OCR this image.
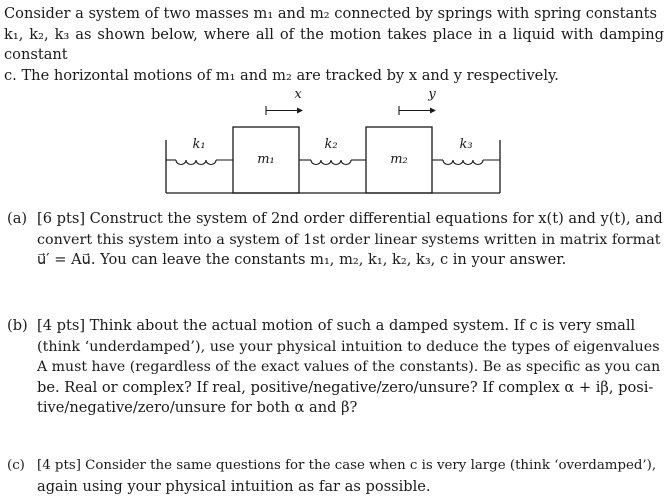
Consider a system of two masses m₁ and m₂ connected by springs with spring constants
k₁, k₂, k₃ as shown below, where all of the motion takes place in a liquid with damping constant
c. The horizontal motions of m₁ and m₂ are tracked by x and y respectively.
x	y
k₁	k₂	k₃
m₁	m₂
(a) [6 pts] Construct the system of 2nd order differential equations for x(t) and y(t), and
convert this system into a system of 1st order linear systems written in matrix format
u⃗′ = Au⃗. You can leave the constants m₁, m₂, k₁, k₂, k₃, c in your answer.
(b) [4 pts] Think about the actual motion of such a damped system. If c is very small
(think ‘underdamped’), use your physical intuition to deduce the types of eigenvalues
A must have (regardless of the exact values of the constants). Be as specific as you can
be. Real or complex? If real, positive/negative/zero/unsure? If complex α + iβ, posi-
tive/negative/zero/unsure for both α and β?
(c) [4 pts] Consider the same questions for the case when c is very large (think ‘overdamped’),
again using your physical intuition as far as possible.
